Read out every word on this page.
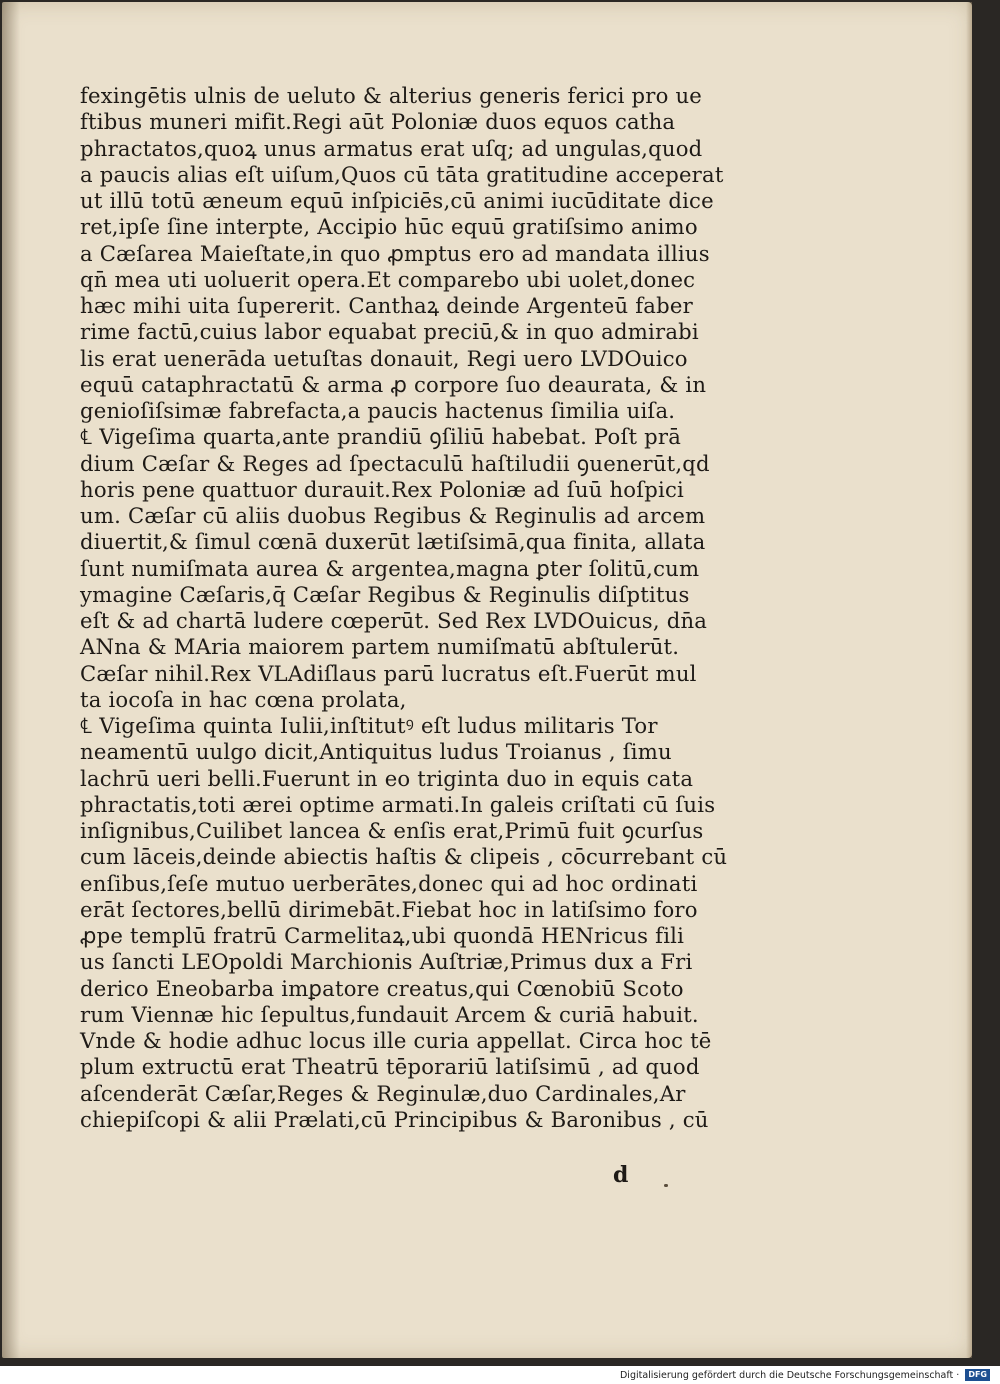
fexingētis ulnis de ueluto & alterius generis ferici pro ue
ftibus muneri mifit.Regi aūt Poloniæ duos equos catha
phractatos,quoꝝ unus armatus erat uſq; ad ungulas,quod
a paucis alias eſt uiſum,Quos cū tāta gratitudine acceperat
ut illū totū æneum equū inſpiciēs,cū animi iucūditate dice
ret,ipſe ſine interpte, Accipio hūc equū gratiſsimo animo
a Cæſarea Maieſtate,in quo ꝓmptus ero ad mandata illius
qn̄ mea uti uoluerit opera.Et comparebo ubi uolet,donec
hæc mihi uita ſupererit. Canthaꝝ deinde Argenteū faber
rime factū,cuius labor equabat preciū,& in quo admirabi
lis erat uenerāda uetuſtas donauit, Regi uero LVDOuico
equū cataphractatū & arma ꝓ corpore ſuo deaurata, & in
genioſiſsimæ fabrefacta,a paucis hactenus ſimilia uiſa.
℄ Vigeſima quarta,ante prandiū ꝯſiliū habebat. Poſt prā
dium Cæſar & Reges ad ſpectaculū haſtiludii ꝯuenerūt,qd
horis pene quattuor durauit.Rex Poloniæ ad ſuū hoſpici
um. Cæſar cū aliis duobus Regibus & Reginulis ad arcem
diuertit,& ſimul cœnā duxerūt lætiſsimā,qua finita, allata
ſunt numiſmata aurea & argentea,magna ꝑter ſolitū,cum
ymagine Cæſaris,q̄ Cæſar Regibus & Reginulis diſptitus
eſt & ad chartā ludere cœperūt. Sed Rex LVDOuicus, dn̄a
ANna & MAria maiorem partem numiſmatū abſtulerūt.
Cæſar nihil.Rex VLAdiſlaus parū lucratus eſt.Fuerūt mul
ta iocoſa in hac cœna prolata,
℄ Vigeſima quinta Iulii,inſtitutꝰ eſt ludus militaris Tor
neamentū uulgo dicit,Antiquitus ludus Troianus , ſimu
lachrū ueri belli.Fuerunt in eo triginta duo in equis cata
phractatis,toti ærei optime armati.In galeis criſtati cū ſuis
inſignibus,Cuilibet lancea & enſis erat,Primū fuit ꝯcurſus
cum lāceis,deinde abiectis haſtis & clipeis , cōcurrebant cū
enſibus,ſeſe mutuo uerberātes,donec qui ad hoc ordinati
erāt ſectores,bellū dirimebāt.Fiebat hoc in latiſsimo foro
ꝓpe templū fratrū Carmelitaꝝ,ubi quondā HENricus fili
us ſancti LEOpoldi Marchionis Auſtriæ,Primus dux a Fri
derico Eneobarba imꝑatore creatus,qui Cœnobiū Scoto
rum Viennæ hic ſepultus,fundauit Arcem & curiā habuit.
Vnde & hodie adhuc locus ille curia appellat. Circa hoc tē
plum extructū erat Theatrū tēporariū latiſsimū , ad quod
aſcenderāt Cæſar,Reges & Reginulæ,duo Cardinales,Ar
chiepiſcopi & alii Prælati,cū Principibus & Baronibus , cū
d
Digitalisierung gefördert durch die Deutsche Forschungsgemeinschaft ·	DFG
